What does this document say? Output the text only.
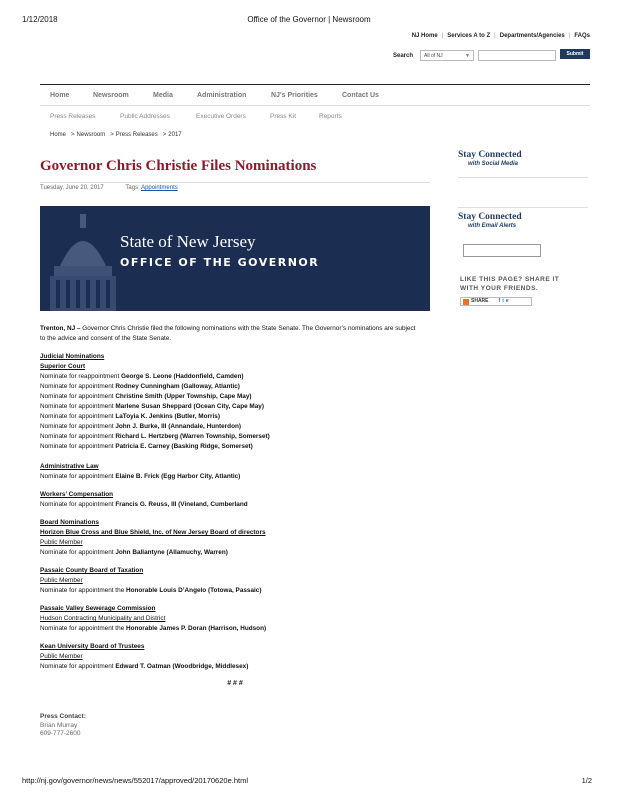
1/12/2018	Office of the Governor | Newsroom
NJ Home | Services A to Z | Departments/Agencies | FAQs
Search	All of NJ	▼	Submit
Home	Newsroom	Media	Administration	NJ's Priorities	Contact Us
Press Releases	Public Addresses	Executive Orders	Press Kit	Reports
Home > Newsroom > Press Releases > 2017
Governor Chris Christie Files Nominations
Tuesday, June 20, 2017	Tags: Appointments
State of New Jersey
OFFICE OF THE GOVERNOR

Trenton, NJ – Governor Chris Christie filed the following nominations with the State Senate. The Governor’s nominations are subject to the advice and consent of the State Senate.

Judicial Nominations

Superior Court

Nominate for reappointment George S. Leone (Haddonfield, Camden)

Nominate for appointment Rodney Cunningham (Galloway, Atlantic)

Nominate for appointment Christine Smith (Upper Township, Cape May)

Nominate for appointment Marlene Susan Sheppard (Ocean City, Cape May)

Nominate for appointment LaToyia K. Jenkins (Butler, Morris)

Nominate for appointment John J. Burke, III (Annandale, Hunterdon)

Nominate for appointment Richard L. Hertzberg (Warren Township, Somerset)

Nominate for appointment Patricia E. Carney (Basking Ridge, Somerset)

Administrative Law

Nominate for appointment Elaine B. Frick (Egg Harbor City, Atlantic)

Workers’ Compensation

Nominate for appointment Francis G. Reuss, III (Vineland, Cumberland

Board Nominations

Horizon Blue Cross and Blue Shield, Inc. of New Jersey Board of directors

Public Member

Nominate for appointment John Ballantyne (Allamuchy, Warren)

Passaic County Board of Taxation

Public Member

Nominate for appointment the Honorable Louis D’Angelo (Totowa, Passaic)

Passaic Valley Sewerage Commission

Hudson Contracting Municipality and District

Nominate for appointment the Honorable James P. Doran (Harrison, Hudson)

Kean University Board of Trustees

Public Member

Nominate for appointment Edward T. Oatman (Woodbridge, Middlesex)

# # #
Press Contact:
Brian Murray
609-777-2600
Stay Connected
with Social Media
Stay Connected
with Email Alerts
LIKE THIS PAGE? SHARE IT
WITH YOUR FRIENDS.
SHARE f t e
http://nj.gov/governor/news/news/552017/approved/20170620e.html	1/2
